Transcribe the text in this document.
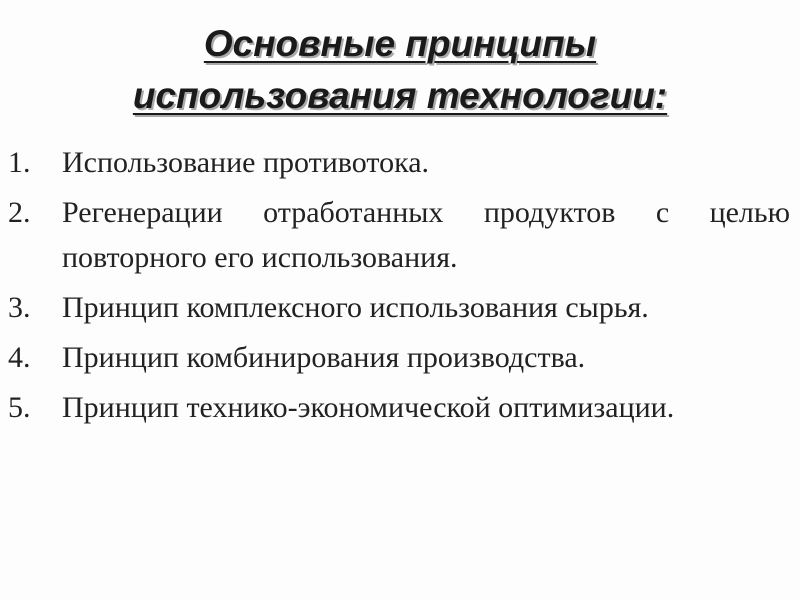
Основные принципы
использования технологии:
1.	Использование противотока.
2.	Регенерации отработанных продуктов с целью повторного его использования.
3.	Принцип комплексного использования сырья.
4.	Принцип комбинирования производства.
5.	Принцип технико-экономической оптимизации.
